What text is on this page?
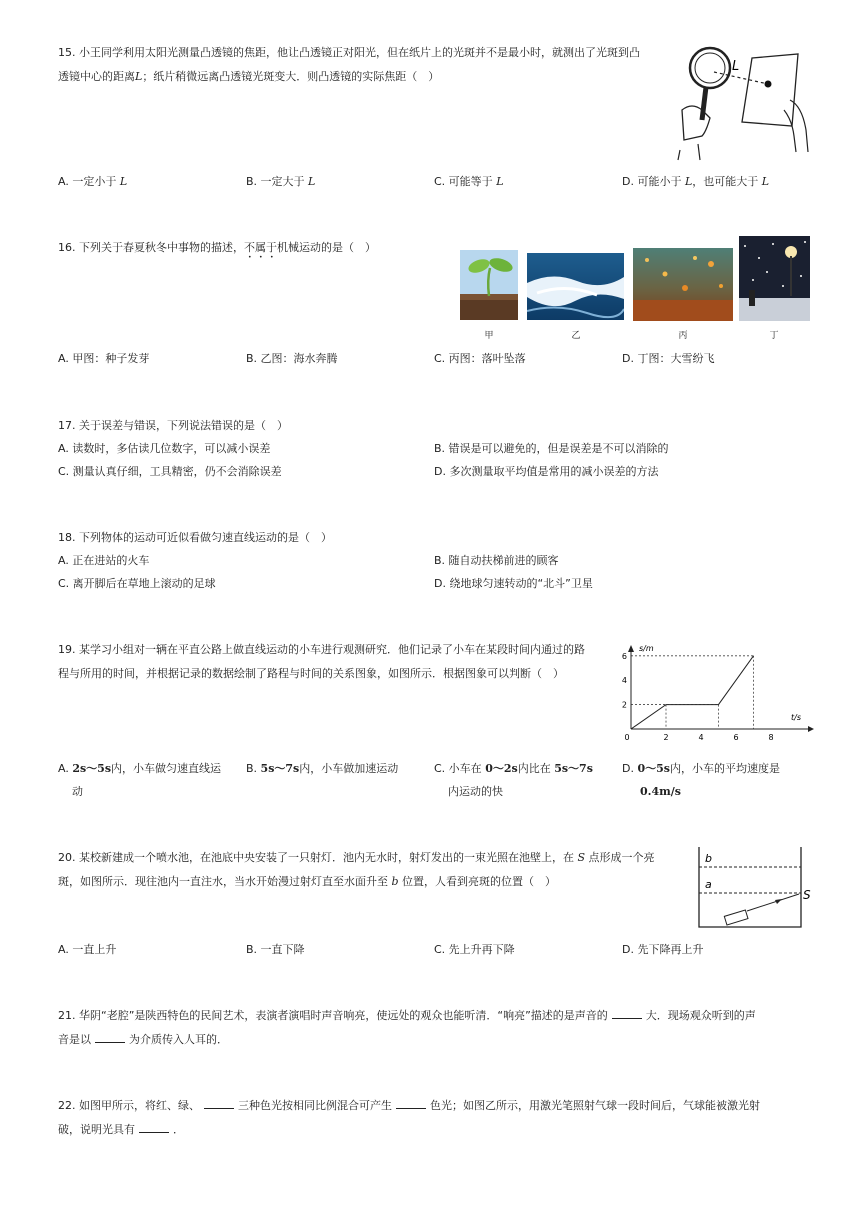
15. 小王同学利用太阳光测量凸透镜的焦距，他让凸透镜正对阳光，但在纸片上的光斑并不是最小时，就测出了光斑到凸
透镜中心的距离L；纸片稍微远离凸透镜光斑变大．则凸透镜的实际焦距（　）
L
A. 一定小于 L	B. 一定大于 L	C. 可能等于 L	D. 可能小于 L，也可能大于 L
16. 下列关于春夏秋冬中事物的描述，不属于机械运动的是（　）
甲	乙	丙	丁
A. 甲图：种子发芽	B. 乙图：海水奔腾	C. 丙图：落叶坠落	D. 丁图：大雪纷飞
17. 关于误差与错误，下列说法错误的是（　）
A. 读数时，多估读几位数字，可以减小误差	B. 错误是可以避免的，但是误差是不可以消除的
C. 测量认真仔细，工具精密，仍不会消除误差	D. 多次测量取平均值是常用的减小误差的方法
18. 下列物体的运动可近似看做匀速直线运动的是（　）
A. 正在进站的火车	B. 随自动扶梯前进的顾客
C. 离开脚后在草地上滚动的足球	D. 绕地球匀速转动的“北斗”卫星
19. 某学习小组对一辆在平直公路上做直线运动的小车进行观测研究．他们记录了小车在某段时间内通过的路
程与所用的时间，并根据记录的数据绘制了路程与时间的关系图象，如图所示．根据图象可以判断（　）
s/m
t/s
0	2	4	6	8
2
4
6
A. 2s～5s内，小车做匀速直线运
动
B. 5s～7s内，小车做加速运动	C. 小车在 0～2s内比在 5s～7s
内运动的快
D. 0～5s内，小车的平均速度是
0.4m/s
20. 某校新建成一个喷水池，在池底中央安装了一只射灯．池内无水时，射灯发出的一束光照在池壁上，在 S 点形成一个亮
斑，如图所示．现往池内一直注水，当水开始漫过射灯直至水面升至 b 位置，人看到亮斑的位置（　）
b
a
S
A. 一直上升	B. 一直下降	C. 先上升再下降	D. 先下降再上升
21. 华阴“老腔”是陕西特色的民间艺术，表演者演唱时声音响亮，使远处的观众也能听清．“响亮”描述的是声音的	大．现场观众听到的声
音是以	为介质传入人耳的．
22. 如图甲所示，将红、绿、	三种色光按相同比例混合可产生	色光；如图乙所示，用激光笔照射气球一段时间后，气球能被激光射
破，说明光具有	．
